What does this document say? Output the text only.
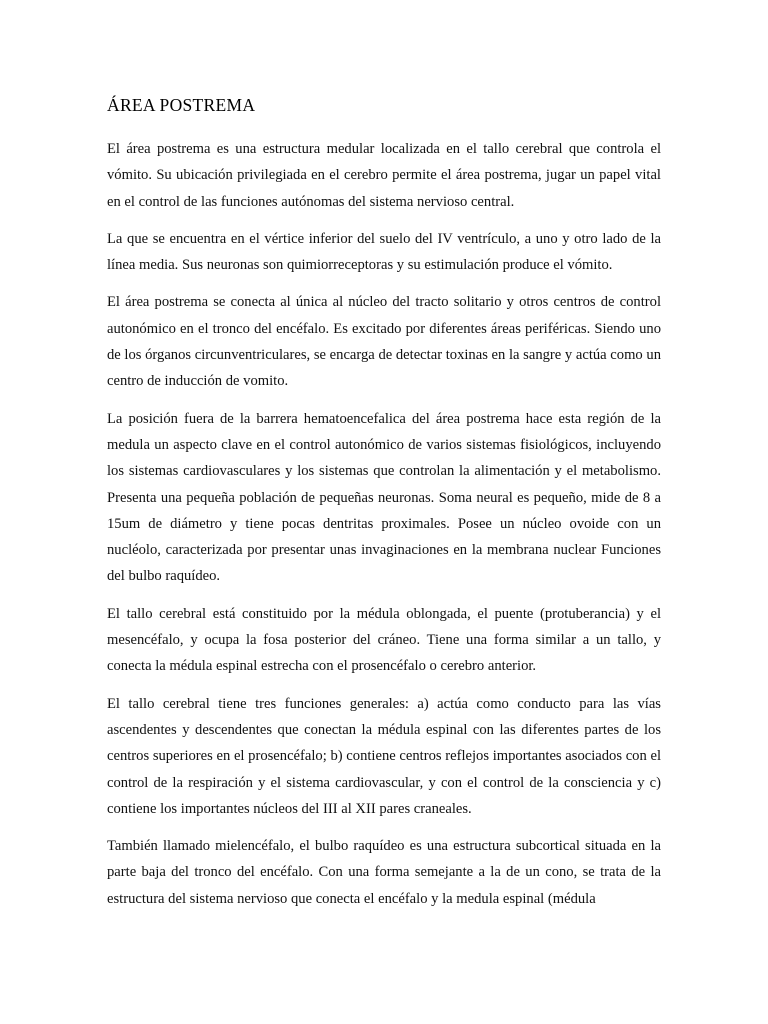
ÁREA POSTREMA

El área postrema es una estructura medular localizada en el tallo cerebral que controla el vómito. Su ubicación privilegiada en el cerebro permite el área postrema, jugar un papel vital en el control de las funciones autónomas del sistema nervioso central.

La que se encuentra en el vértice inferior del suelo del IV ventrículo, a uno y otro lado de la línea media. Sus neuronas son quimiorreceptoras y su estimulación produce el vómito.

El área postrema se conecta al única al núcleo del tracto solitario y otros centros de control autonómico en el tronco del encéfalo. Es excitado por diferentes áreas periféricas. Siendo uno de los órganos circunventriculares, se encarga de detectar toxinas en la sangre y actúa como un centro de inducción de vomito.

La posición fuera de la barrera hematoencefalica del área postrema hace esta región de la medula un aspecto clave en el control autonómico de varios sistemas fisiológicos, incluyendo los sistemas cardiovasculares y los sistemas que controlan la alimentación y el metabolismo. Presenta una pequeña población de pequeñas neuronas. Soma neural es pequeño, mide de 8 a 15um de diámetro y tiene pocas dentritas proximales. Posee un núcleo ovoide con un nucléolo, caracterizada por presentar unas invaginaciones en la membrana nuclear Funciones del bulbo raquídeo.

El tallo cerebral está constituido por la médula oblongada, el puente (protuberancia) y el mesencéfalo, y ocupa la fosa posterior del cráneo. Tiene una forma similar a un tallo, y conecta la médula espinal estrecha con el prosencéfalo o cerebro anterior.

El tallo cerebral tiene tres funciones generales: a) actúa como conducto para las vías ascendentes y descendentes que conectan la médula espinal con las diferentes partes de los centros superiores en el prosencéfalo; b) contiene centros reflejos importantes asociados con el control de la respiración y el sistema cardiovascular, y con el control de la consciencia y c) contiene los importantes núcleos del III al XII pares craneales.

También llamado mielencéfalo, el bulbo raquídeo es una estructura subcortical situada en la parte baja del tronco del encéfalo. Con una forma semejante a la de un cono, se trata de la estructura del sistema nervioso que conecta el encéfalo y la medula espinal (médula
